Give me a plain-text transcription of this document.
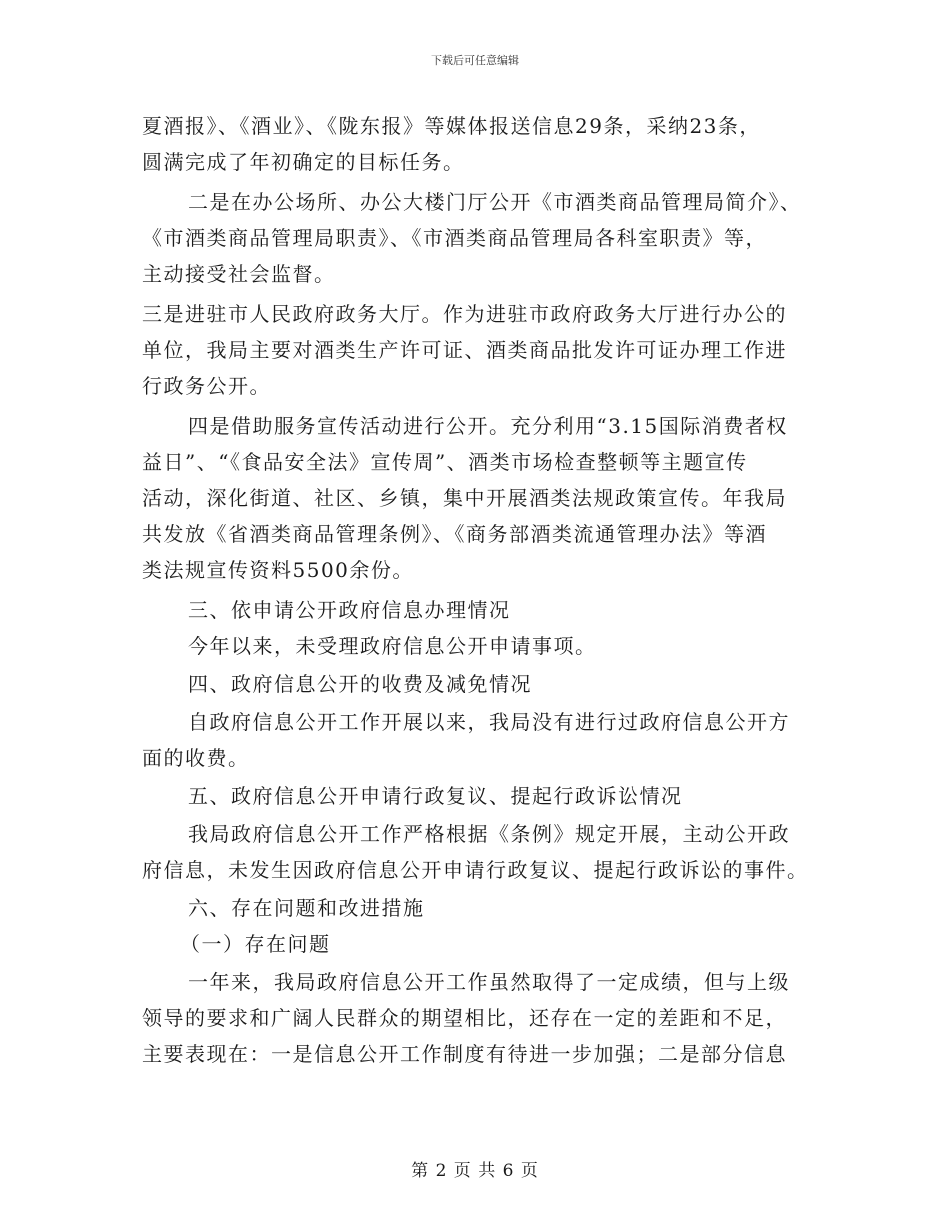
下载后可任意编辑
夏酒报》、《酒业》、《陇东报》等媒体报送信息29条，采纳23条，
圆满完成了年初确定的目标任务。
二是在办公场所、办公大楼门厅公开《市酒类商品管理局简介》、
《市酒类商品管理局职责》、《市酒类商品管理局各科室职责》等，
主动接受社会监督。
三是进驻市人民政府政务大厅。作为进驻市政府政务大厅进行办公的
单位，我局主要对酒类生产许可证、酒类商品批发许可证办理工作进
行政务公开。
四是借助服务宣传活动进行公开。充分利用“3.15国际消费者权
益日”、“《食品安全法》宣传周”、酒类市场检查整顿等主题宣传
活动，深化街道、社区、乡镇，集中开展酒类法规政策宣传。年我局
共发放《省酒类商品管理条例》、《商务部酒类流通管理办法》等酒
类法规宣传资料5500余份。
三、依申请公开政府信息办理情况
今年以来，未受理政府信息公开申请事项。
四、政府信息公开的收费及减免情况
自政府信息公开工作开展以来，我局没有进行过政府信息公开方
面的收费。
五、政府信息公开申请行政复议、提起行政诉讼情况
我局政府信息公开工作严格根据《条例》规定开展，主动公开政
府信息，未发生因政府信息公开申请行政复议、提起行政诉讼的事件。
六、存在问题和改进措施
（一）存在问题
一年来，我局政府信息公开工作虽然取得了一定成绩，但与上级
领导的要求和广阔人民群众的期望相比，还存在一定的差距和不足，
主要表现在：一是信息公开工作制度有待进一步加强；二是部分信息
第 2 页 共 6 页
